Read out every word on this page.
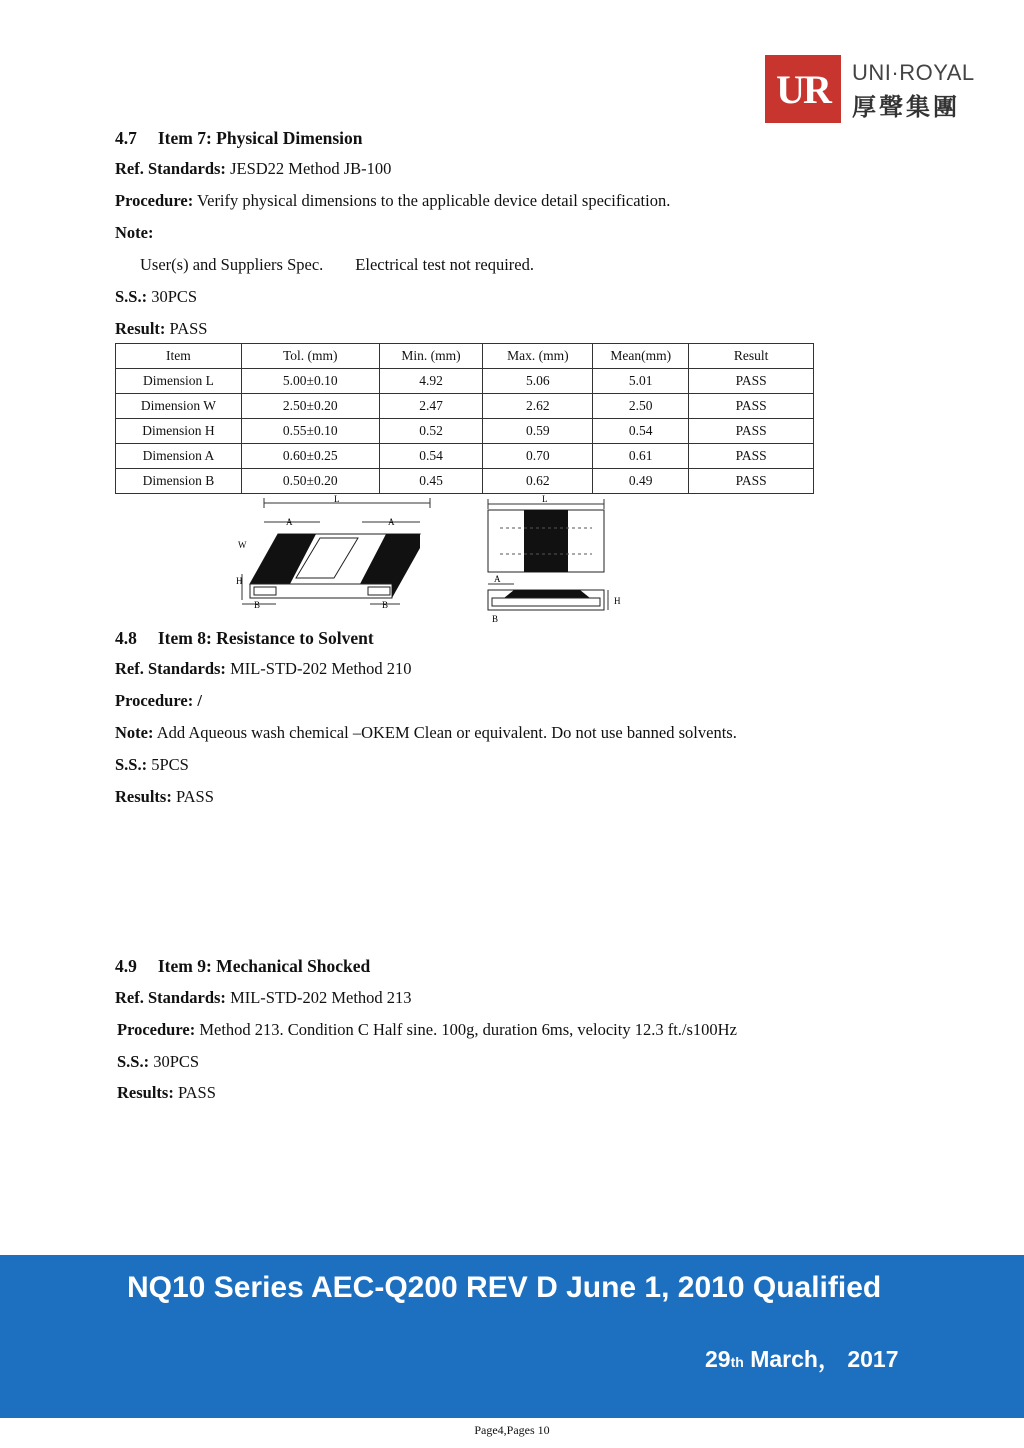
UR	UNI·ROYAL
厚聲集團
4.7 Item 7: Physical Dimension
Ref. Standards: JESD22 Method JB-100
Procedure: Verify physical dimensions to the applicable device detail specification.
Note:
User(s) and Suppliers Spec. Electrical test not required.
S.S.: 30PCS
Result: PASS
Item	Tol. (mm)	Min. (mm)	Max. (mm)	Mean(mm)	Result
Dimension L	5.00±0.10	4.92	5.06	5.01	PASS
Dimension W	2.50±0.20	2.47	2.62	2.50	PASS
Dimension H	0.55±0.10	0.52	0.59	0.54	PASS
Dimension A	0.60±0.25	0.54	0.70	0.61	PASS
Dimension B	0.50±0.20	0.45	0.62	0.49	PASS
L
A	A
W
H
B	B
L
A
B
H
4.8 Item 8: Resistance to Solvent
Ref. Standards: MIL-STD-202 Method 210
Procedure: /
Note: Add Aqueous wash chemical –OKEM Clean or equivalent. Do not use banned solvents.
S.S.: 5PCS
Results: PASS
4.9 Item 9: Mechanical Shocked
Ref. Standards: MIL-STD-202 Method 213
Procedure: Method 213. Condition C Half sine. 100g, duration 6ms, velocity 12.3 ft./s100Hz
S.S.: 30PCS
Results: PASS
NQ10 Series AEC-Q200 REV D June 1, 2010 Qualified
29th March， 2017
Page4,Pages 10
